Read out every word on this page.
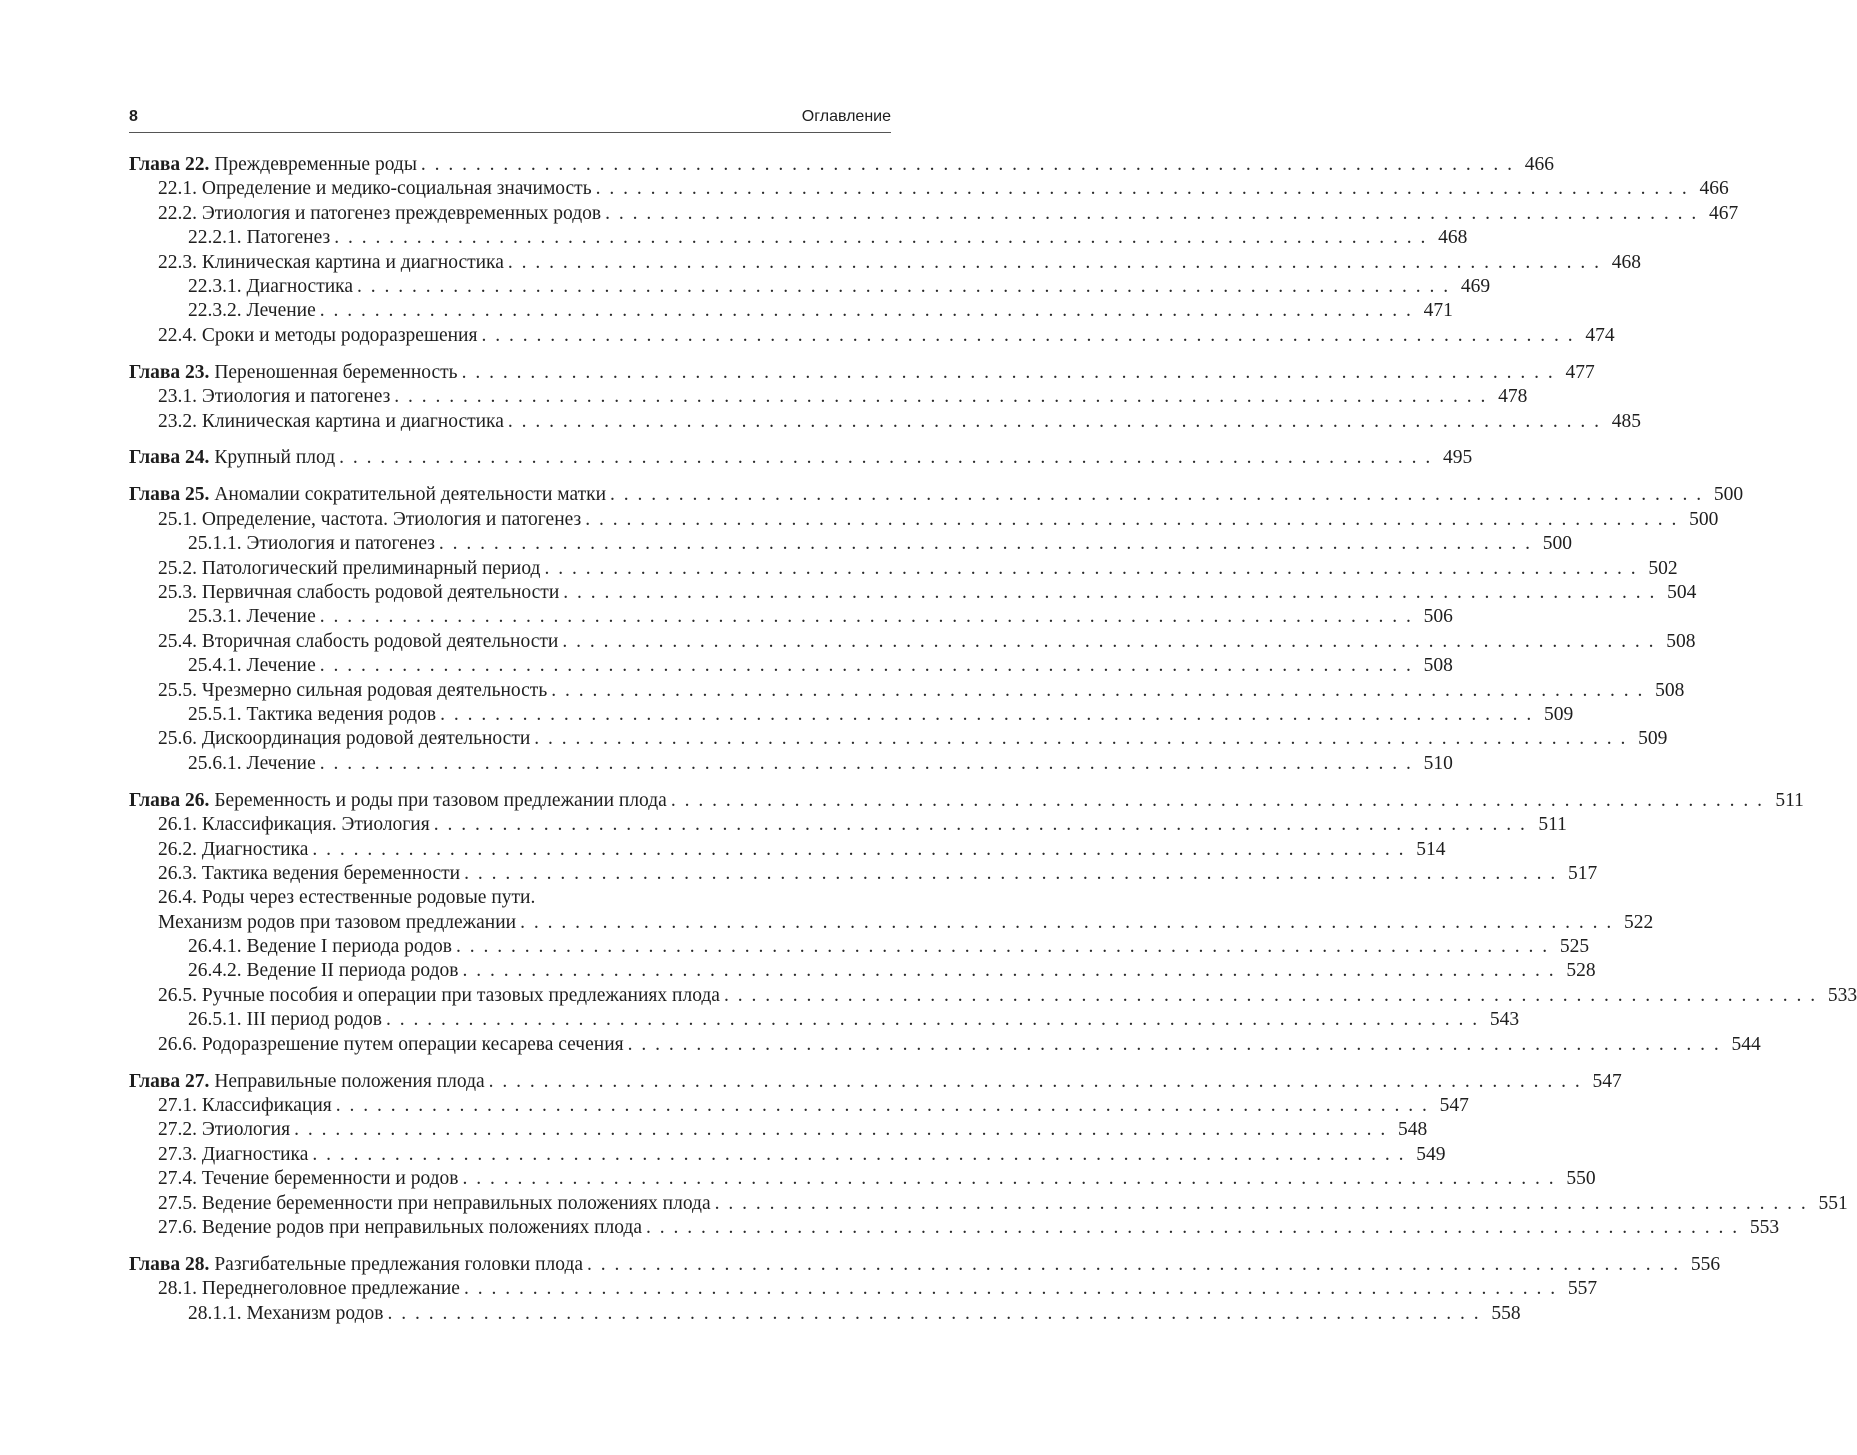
8	Оглавление
Глава 22. Преждевременные роды . . . . . . . . . . . . . . . . . . . . . . . . . . . . . . . . . . . . . . . . . . . . . . . . . . . . . . . . . . . . . . . . . . . . . . . . . . . . . . . . 466
22.1. Определение и медико-социальная значимость . . . . . . . . . . . . . . . . . . . . . . . . . . . . . . . . . . . . . . . . . . . . . . . . . . . . . . . . . . . . . . . . . . . . . . . . . . . . . . . . 466
22.2. Этиология и патогенез преждевременных родов . . . . . . . . . . . . . . . . . . . . . . . . . . . . . . . . . . . . . . . . . . . . . . . . . . . . . . . . . . . . . . . . . . . . . . . . . . . . . . . . 467
22.2.1. Патогенез . . . . . . . . . . . . . . . . . . . . . . . . . . . . . . . . . . . . . . . . . . . . . . . . . . . . . . . . . . . . . . . . . . . . . . . . . . . . . . . . 468
22.3. Клиническая картина и диагностика . . . . . . . . . . . . . . . . . . . . . . . . . . . . . . . . . . . . . . . . . . . . . . . . . . . . . . . . . . . . . . . . . . . . . . . . . . . . . . . . 468
22.3.1. Диагностика . . . . . . . . . . . . . . . . . . . . . . . . . . . . . . . . . . . . . . . . . . . . . . . . . . . . . . . . . . . . . . . . . . . . . . . . . . . . . . . . 469
22.3.2. Лечение . . . . . . . . . . . . . . . . . . . . . . . . . . . . . . . . . . . . . . . . . . . . . . . . . . . . . . . . . . . . . . . . . . . . . . . . . . . . . . . . 471
22.4. Сроки и методы родоразрешения . . . . . . . . . . . . . . . . . . . . . . . . . . . . . . . . . . . . . . . . . . . . . . . . . . . . . . . . . . . . . . . . . . . . . . . . . . . . . . . . 474
Глава 23. Переношенная беременность . . . . . . . . . . . . . . . . . . . . . . . . . . . . . . . . . . . . . . . . . . . . . . . . . . . . . . . . . . . . . . . . . . . . . . . . . . . . . . . . 477
23.1. Этиология и патогенез . . . . . . . . . . . . . . . . . . . . . . . . . . . . . . . . . . . . . . . . . . . . . . . . . . . . . . . . . . . . . . . . . . . . . . . . . . . . . . . . 478
23.2. Клиническая картина и диагностика . . . . . . . . . . . . . . . . . . . . . . . . . . . . . . . . . . . . . . . . . . . . . . . . . . . . . . . . . . . . . . . . . . . . . . . . . . . . . . . . 485
Глава 24. Крупный плод . . . . . . . . . . . . . . . . . . . . . . . . . . . . . . . . . . . . . . . . . . . . . . . . . . . . . . . . . . . . . . . . . . . . . . . . . . . . . . . . 495
Глава 25. Аномалии сократительной деятельности матки . . . . . . . . . . . . . . . . . . . . . . . . . . . . . . . . . . . . . . . . . . . . . . . . . . . . . . . . . . . . . . . . . . . . . . . . . . . . . . . . 500
25.1. Определение, частота. Этиология и патогенез . . . . . . . . . . . . . . . . . . . . . . . . . . . . . . . . . . . . . . . . . . . . . . . . . . . . . . . . . . . . . . . . . . . . . . . . . . . . . . . . 500
25.1.1. Этиология и патогенез . . . . . . . . . . . . . . . . . . . . . . . . . . . . . . . . . . . . . . . . . . . . . . . . . . . . . . . . . . . . . . . . . . . . . . . . . . . . . . . . 500
25.2. Патологический прелиминарный период . . . . . . . . . . . . . . . . . . . . . . . . . . . . . . . . . . . . . . . . . . . . . . . . . . . . . . . . . . . . . . . . . . . . . . . . . . . . . . . . 502
25.3. Первичная слабость родовой деятельности . . . . . . . . . . . . . . . . . . . . . . . . . . . . . . . . . . . . . . . . . . . . . . . . . . . . . . . . . . . . . . . . . . . . . . . . . . . . . . . . 504
25.3.1. Лечение . . . . . . . . . . . . . . . . . . . . . . . . . . . . . . . . . . . . . . . . . . . . . . . . . . . . . . . . . . . . . . . . . . . . . . . . . . . . . . . . 506
25.4. Вторичная слабость родовой деятельности . . . . . . . . . . . . . . . . . . . . . . . . . . . . . . . . . . . . . . . . . . . . . . . . . . . . . . . . . . . . . . . . . . . . . . . . . . . . . . . . 508
25.4.1. Лечение . . . . . . . . . . . . . . . . . . . . . . . . . . . . . . . . . . . . . . . . . . . . . . . . . . . . . . . . . . . . . . . . . . . . . . . . . . . . . . . . 508
25.5. Чрезмерно сильная родовая деятельность . . . . . . . . . . . . . . . . . . . . . . . . . . . . . . . . . . . . . . . . . . . . . . . . . . . . . . . . . . . . . . . . . . . . . . . . . . . . . . . . 508
25.5.1. Тактика ведения родов . . . . . . . . . . . . . . . . . . . . . . . . . . . . . . . . . . . . . . . . . . . . . . . . . . . . . . . . . . . . . . . . . . . . . . . . . . . . . . . . 509
25.6. Дискоординация родовой деятельности . . . . . . . . . . . . . . . . . . . . . . . . . . . . . . . . . . . . . . . . . . . . . . . . . . . . . . . . . . . . . . . . . . . . . . . . . . . . . . . . 509
25.6.1. Лечение . . . . . . . . . . . . . . . . . . . . . . . . . . . . . . . . . . . . . . . . . . . . . . . . . . . . . . . . . . . . . . . . . . . . . . . . . . . . . . . . 510
Глава 26. Беременность и роды при тазовом предлежании плода . . . . . . . . . . . . . . . . . . . . . . . . . . . . . . . . . . . . . . . . . . . . . . . . . . . . . . . . . . . . . . . . . . . . . . . . . . . . . . . . 511
26.1. Классификация. Этиология . . . . . . . . . . . . . . . . . . . . . . . . . . . . . . . . . . . . . . . . . . . . . . . . . . . . . . . . . . . . . . . . . . . . . . . . . . . . . . . . 511
26.2. Диагностика . . . . . . . . . . . . . . . . . . . . . . . . . . . . . . . . . . . . . . . . . . . . . . . . . . . . . . . . . . . . . . . . . . . . . . . . . . . . . . . . 514
26.3. Тактика ведения беременности . . . . . . . . . . . . . . . . . . . . . . . . . . . . . . . . . . . . . . . . . . . . . . . . . . . . . . . . . . . . . . . . . . . . . . . . . . . . . . . . 517
26.4. Роды через естественные родовые пути.
Механизм родов при тазовом предлежании . . . . . . . . . . . . . . . . . . . . . . . . . . . . . . . . . . . . . . . . . . . . . . . . . . . . . . . . . . . . . . . . . . . . . . . . . . . . . . . . 522
26.4.1. Ведение I периода родов . . . . . . . . . . . . . . . . . . . . . . . . . . . . . . . . . . . . . . . . . . . . . . . . . . . . . . . . . . . . . . . . . . . . . . . . . . . . . . . . 525
26.4.2. Ведение II периода родов . . . . . . . . . . . . . . . . . . . . . . . . . . . . . . . . . . . . . . . . . . . . . . . . . . . . . . . . . . . . . . . . . . . . . . . . . . . . . . . . 528
26.5. Ручные пособия и операции при тазовых предлежаниях плода . . . . . . . . . . . . . . . . . . . . . . . . . . . . . . . . . . . . . . . . . . . . . . . . . . . . . . . . . . . . . . . . . . . . . . . . . . . . . . . . 533
26.5.1. III период родов . . . . . . . . . . . . . . . . . . . . . . . . . . . . . . . . . . . . . . . . . . . . . . . . . . . . . . . . . . . . . . . . . . . . . . . . . . . . . . . . 543
26.6. Родоразрешение путем операции кесарева сечения . . . . . . . . . . . . . . . . . . . . . . . . . . . . . . . . . . . . . . . . . . . . . . . . . . . . . . . . . . . . . . . . . . . . . . . . . . . . . . . . 544
Глава 27. Неправильные положения плода . . . . . . . . . . . . . . . . . . . . . . . . . . . . . . . . . . . . . . . . . . . . . . . . . . . . . . . . . . . . . . . . . . . . . . . . . . . . . . . . 547
27.1. Классификация . . . . . . . . . . . . . . . . . . . . . . . . . . . . . . . . . . . . . . . . . . . . . . . . . . . . . . . . . . . . . . . . . . . . . . . . . . . . . . . . 547
27.2. Этиология . . . . . . . . . . . . . . . . . . . . . . . . . . . . . . . . . . . . . . . . . . . . . . . . . . . . . . . . . . . . . . . . . . . . . . . . . . . . . . . . 548
27.3. Диагностика . . . . . . . . . . . . . . . . . . . . . . . . . . . . . . . . . . . . . . . . . . . . . . . . . . . . . . . . . . . . . . . . . . . . . . . . . . . . . . . . 549
27.4. Течение беременности и родов . . . . . . . . . . . . . . . . . . . . . . . . . . . . . . . . . . . . . . . . . . . . . . . . . . . . . . . . . . . . . . . . . . . . . . . . . . . . . . . . 550
27.5. Ведение беременности при неправильных положениях плода . . . . . . . . . . . . . . . . . . . . . . . . . . . . . . . . . . . . . . . . . . . . . . . . . . . . . . . . . . . . . . . . . . . . . . . . . . . . . . . . 551
27.6. Ведение родов при неправильных положениях плода . . . . . . . . . . . . . . . . . . . . . . . . . . . . . . . . . . . . . . . . . . . . . . . . . . . . . . . . . . . . . . . . . . . . . . . . . . . . . . . . 553
Глава 28. Разгибательные предлежания головки плода . . . . . . . . . . . . . . . . . . . . . . . . . . . . . . . . . . . . . . . . . . . . . . . . . . . . . . . . . . . . . . . . . . . . . . . . . . . . . . . . 556
28.1. Переднеголовное предлежание . . . . . . . . . . . . . . . . . . . . . . . . . . . . . . . . . . . . . . . . . . . . . . . . . . . . . . . . . . . . . . . . . . . . . . . . . . . . . . . . 557
28.1.1. Механизм родов . . . . . . . . . . . . . . . . . . . . . . . . . . . . . . . . . . . . . . . . . . . . . . . . . . . . . . . . . . . . . . . . . . . . . . . . . . . . . . . . 558
